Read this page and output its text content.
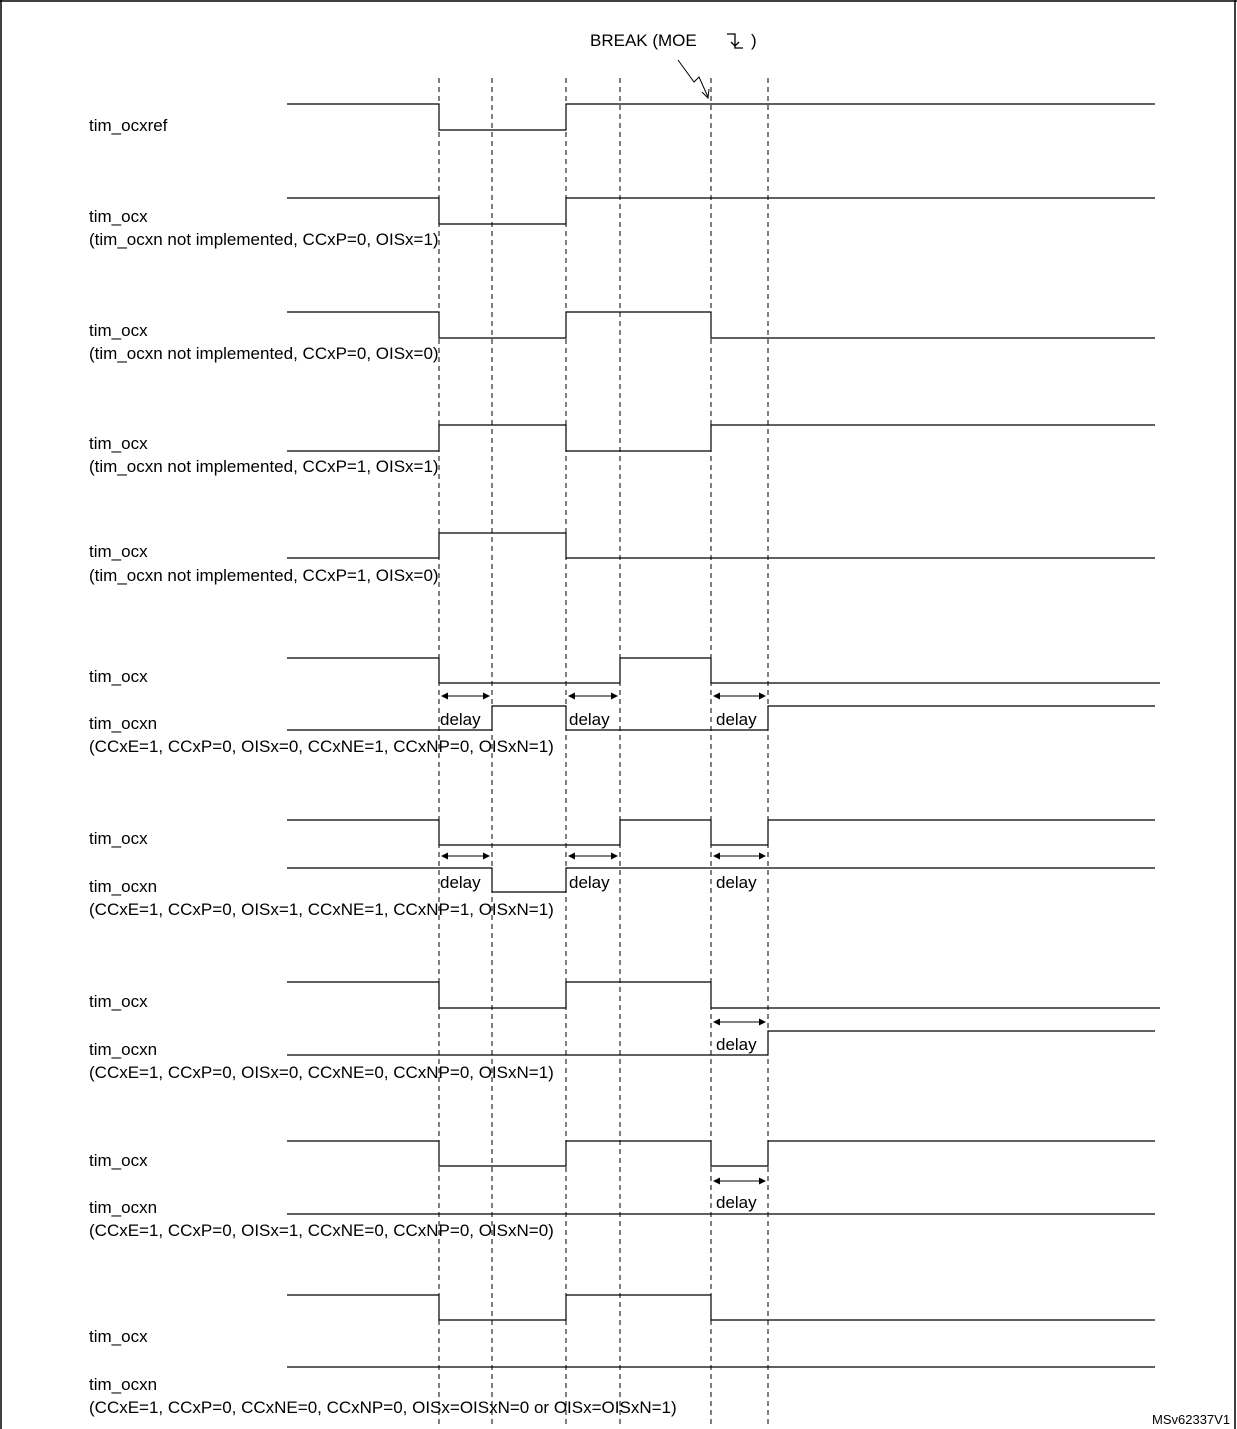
BREAK (MOE	)
tim_ocxref
tim_ocx
(tim_ocxn not implemented, CCxP=0, OISx=1)
tim_ocx
(tim_ocxn not implemented, CCxP=0, OISx=0)
tim_ocx
(tim_ocxn not implemented, CCxP=1, OISx=1)
tim_ocx
(tim_ocxn not implemented, CCxP=1, OISx=0)
tim_ocx
tim_ocxn
(CCxE=1, CCxP=0, OISx=0, CCxNE=1, CCxNP=0, OISxN=1)
tim_ocx
tim_ocxn
(CCxE=1, CCxP=0, OISx=1, CCxNE=1, CCxNP=1, OISxN=1)
tim_ocx
tim_ocxn
(CCxE=1, CCxP=0, OISx=0, CCxNE=0, CCxNP=0, OISxN=1)
tim_ocx
tim_ocxn
(CCxE=1, CCxP=0, OISx=1, CCxNE=0, CCxNP=0, OISxN=0)
tim_ocx
tim_ocxn
(CCxE=1, CCxP=0, CCxNE=0, CCxNP=0, OISx=OISxN=0 or OISx=OISxN=1)
delay	delay	delay
delay	delay	delay
delay
delay
MSv62337V1
